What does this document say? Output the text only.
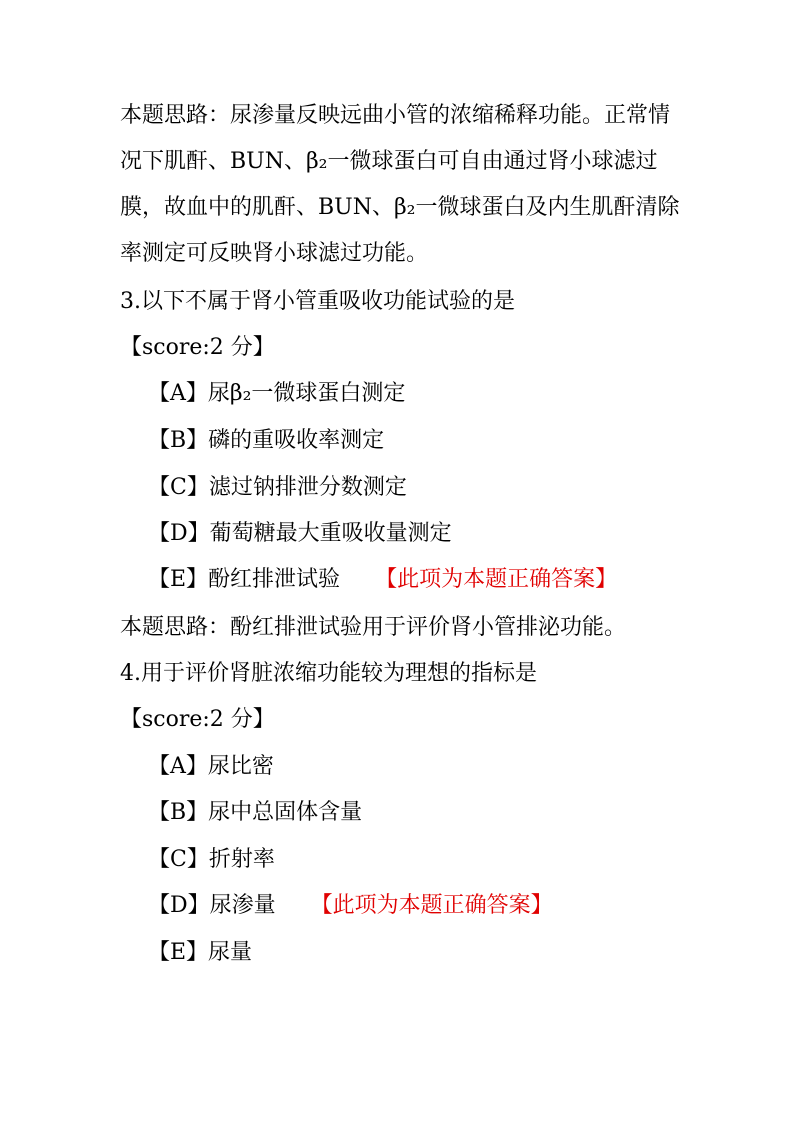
本题思路：尿渗量反映远曲小管的浓缩稀释功能。正常情况下肌酐、BUN、β₂一微球蛋白可自由通过肾小球滤过膜，故血中的肌酐、BUN、β₂一微球蛋白及内生肌酐清除率测定可反映肾小球滤过功能。

3.以下不属于肾小管重吸收功能试验的是
【score:2 分】
【A】尿β₂一微球蛋白测定
【B】磷的重吸收率测定
【C】滤过钠排泄分数测定
【D】葡萄糖最大重吸收量测定
【E】酚红排泄试验 【此项为本题正确答案】
本题思路：酚红排泄试验用于评价肾小管排泌功能。
4.用于评价肾脏浓缩功能较为理想的指标是
【score:2 分】
【A】尿比密
【B】尿中总固体含量
【C】折射率
【D】尿渗量 【此项为本题正确答案】
【E】尿量
